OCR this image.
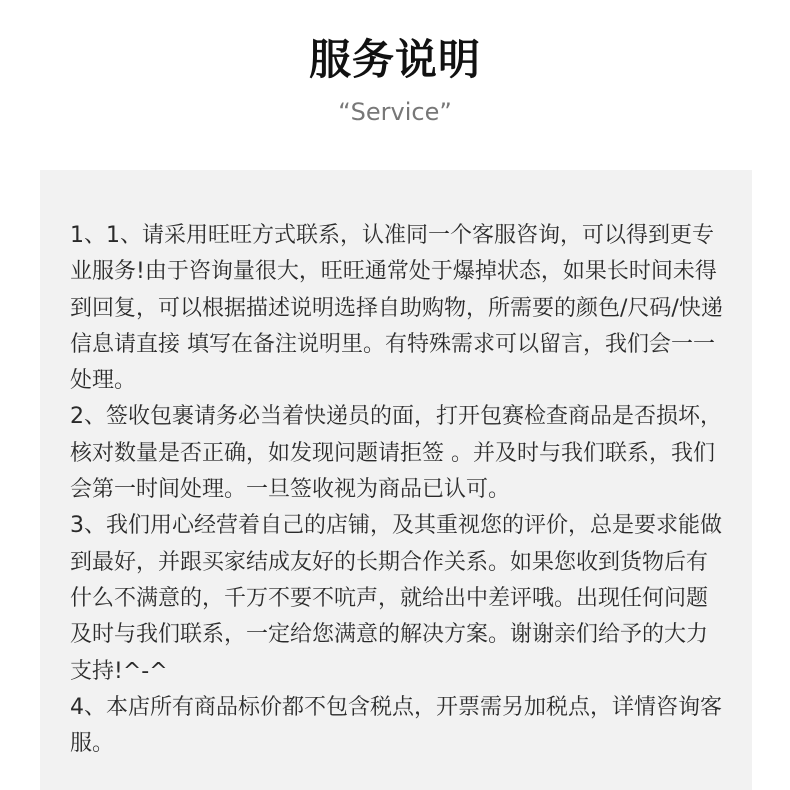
服务说明
“Service”

1、1、请采用旺旺方式联系，认准同一个客服咨询，可以得到更专业服务!由于咨询量很大，旺旺通常处于爆掉状态，如果长时间未得到回复，可以根据描述说明选择自助购物，所需要的颜色/尺码/快递信息请直接 填写在备注说明里。有特殊需求可以留言，我们会一一处理。

2、签收包裹请务必当着快递员的面，打开包赛检查商品是否损坏，核对数量是否正确，如发现问题请拒签 。并及时与我们联系，我们会第一时间处理。一旦签收视为商品已认可。

3、我们用心经营着自己的店铺，及其重视您的评价，总是要求能做到最好，并跟买家结成友好的长期合作关系。如果您收到货物后有什么不满意的，千万不要不吭声，就给出中差评哦。出现任何问题及时与我们联系，一定给您满意的解决方案。谢谢亲们给予的大力支持!^-^

4、本店所有商品标价都不包含税点，开票需另加税点，详情咨询客服。
